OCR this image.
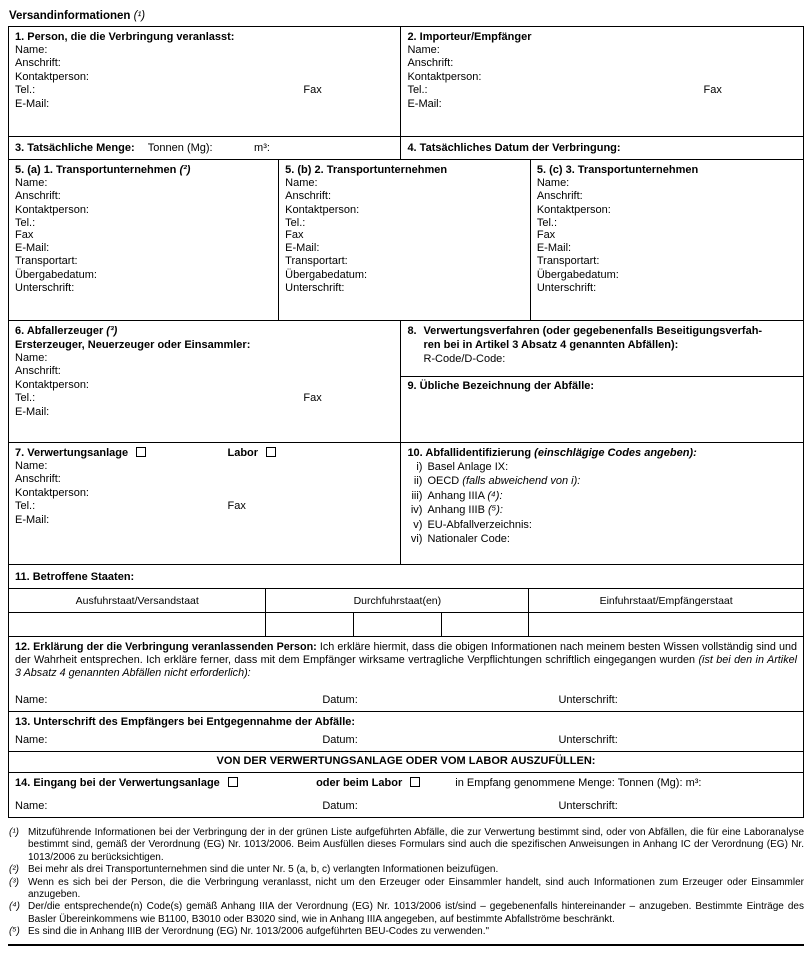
Versandinformationen (¹)
1. Person, die die Verbringung veranlasst:
Name:
Anschrift:
Kontaktperson:
Tel.:	Fax
E-Mail:
2. Importeur/Empfänger
Name:
Anschrift:
Kontaktperson:
Tel.:	Fax
E-Mail:
3. Tatsächliche Menge:	Tonnen (Mg):	m³:	4. Tatsächliches Datum der Verbringung:
5. (a) 1. Transportunternehmen (²)
Name:
Anschrift:
Kontaktperson:
Tel.:
Fax
E-Mail:
Transportart:
Übergabedatum:
Unterschrift:
5. (b) 2. Transportunternehmen
Name:
Anschrift:
Kontaktperson:
Tel.:
Fax
E-Mail:
Transportart:
Übergabedatum:
Unterschrift:
5. (c) 3. Transportunternehmen
Name:
Anschrift:
Kontaktperson:
Tel.:
Fax
E-Mail:
Transportart:
Übergabedatum:
Unterschrift:
6. Abfallerzeuger (³)
Ersterzeuger, Neuerzeuger oder Einsammler:
Name:
Anschrift:
Kontaktperson:
Tel.:	Fax
E-Mail:
8. Verwertungsverfahren (oder gegebenenfalls Beseitigungsverfah-
ren bei in Artikel 3 Absatz 4 genannten Abfällen):
R-Code/D-Code:
9. Übliche Bezeichnung der Abfälle:
7. Verwertungsanlage	Labor
Name:
Anschrift:
Kontaktperson:
Tel.:	Fax
E-Mail:
10. Abfallidentifizierung (einschlägige Codes angeben):
i) Basel Anlage IX:
ii) OECD (falls abweichend von i):
iii) Anhang IIIA (⁴):
iv) Anhang IIIB (⁵):
v) EU-Abfallverzeichnis:
vi) Nationaler Code:
11. Betroffene Staaten:
Ausfuhrstaat/Versandstaat	Durchfuhrstaat(en)	Einfuhrstaat/Empfängerstaat
12. Erklärung der die Verbringung veranlassenden Person: Ich erkläre hiermit, dass die obigen Informationen nach meinem besten Wissen vollständig sind und der Wahrheit entsprechen. Ich erkläre ferner, dass mit dem Empfänger wirksame vertragliche Verpflichtungen schriftlich eingegangen wurden (ist bei den in Artikel 3 Absatz 4 genannten Abfällen nicht erforderlich):
Name:	Datum:	Unterschrift:
13. Unterschrift des Empfängers bei Entgegennahme der Abfälle:
Name:	Datum:	Unterschrift:
VON DER VERWERTUNGSANLAGE ODER VOM LABOR AUSZUFÜLLEN:
14. Eingang bei der Verwertungsanlage	oder beim Labor	in Empfang genommene Menge: Tonnen (Mg): m³:
Name:	Datum:	Unterschrift:
(¹) Mitzuführende Informationen bei der Verbringung der in der grünen Liste aufgeführten Abfälle, die zur Verwertung bestimmt sind, oder von Abfällen, die für eine Laboranalyse bestimmt sind, gemäß der Verordnung (EG) Nr. 1013/2006. Beim Ausfüllen dieses Formulars sind auch die spezifischen Anweisungen in Anhang IC der Verordnung (EG) Nr. 1013/2006 zu berücksichtigen.
(²) Bei mehr als drei Transportunternehmen sind die unter Nr. 5 (a, b, c) verlangten Informationen beizufügen.
(³) Wenn es sich bei der Person, die die Verbringung veranlasst, nicht um den Erzeuger oder Einsammler handelt, sind auch Informationen zum Erzeuger oder Einsammler anzugeben.
(⁴) Der/die entsprechende(n) Code(s) gemäß Anhang IIIA der Verordnung (EG) Nr. 1013/2006 ist/sind – gegebenenfalls hintereinander – anzugeben. Bestimmte Einträge des Basler Übereinkommens wie B1100, B3010 oder B3020 sind, wie in Anhang IIIA angegeben, auf bestimmte Abfallströme beschränkt.
(⁵) Es sind die in Anhang IIIB der Verordnung (EG) Nr. 1013/2006 aufgeführten BEU-Codes zu verwenden."
